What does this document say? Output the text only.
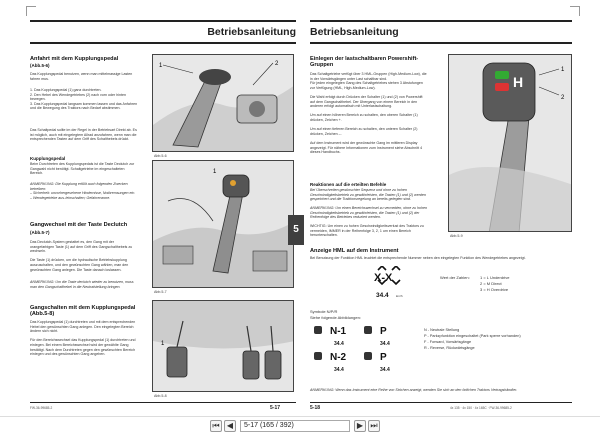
Betriebsanleitung
Anfahrt mit dem Kupplungspedal
(Abb.5-6)
Das Kupplungspedal benutzen, wenn man mittelmassige Lasten fahren mus.
1. Das Kupplungspedal (1) ganz durchtreten.
2. Den Hebel des Wendegetriebes (2) nach vorn oder hinten bewegen.
3. Das Kupplungspedal langsam kommen lassen und das Anfahren und die Bewegung des Traktors nach Bedarf abstimmen.
Das Schaltpedal sollte im der Regel in der Betriebsart Direkt ab. Es ist möglich, auch mit eingelegtem Allrad anzufahren, wenn man die entsprechenden Tasten auf dem Griff des Schalthebels drückt.
Kupplungspedal
Beim Durchtreten des Kupplungspedals ist die Taste Declutch zur Gangwahl nicht benötigt. Schaltgetriebe im eingeschalteten Bereich.
ANMERKUNG: Die Kupplung erfüllt auch folgenden Zwecken betreiben:
– Sicherheit: unvorhergesehene Hindernisse, Notbremsungen etc.
– Wendegetriebe aus-/einschalten; Gefahrenzone.
Gangwechsel mit der Taste Declutch
(Abb.5-7)
Das Declutch-System gestattet es, den Gang mit der orangefarbigen Taste (1) auf dem Griff des Gangschalthebels zu wechseln.

Die Taste (1) drücken, um die hydraulische Betriebskupplung auszuschalten, und den gewünschten Gang wählen, man den gewünschten Gang anlegen. Die Taste danach loslassen.
ANMERKUNG: Um die Taste declutch wieder zu benutzen, muss man den Gangschalthebel in die Neutralstellung bringen.
Gangschalten mit dem Kupplungspedal (Abb.5-8)
Das Kupplungspedal (1) durchtreten und mit dem entsprechenden Hebel den gewünschten Gang anlegen. Den eingelegten Bereich ändern sich nicht.

Für den Bereichswechsel das Kupplungspedal (1) durchtreten und einlegen. Bei einem Bereichswechsel wird der gewählte Gang bestätigt. Nach dem Durchtreten gegen den gewünschten Bereich einlegen und des gewünschten Gang angeben.
1	2
Abb.5-6
1
Abb.5-7
1
Abb.5-8
FW-36-99685-2	5-17
5
Betriebsanleitung
Einlegen der lastschaltbaren Powershift-Gruppen
Das Schaltgetriebe verfügt über 3 HML-Gruppen (High-Medium-Low), die in der Vorwärtsgängen unter Last schaltbar sind.
Für jeden eingelegten Gang des Schaltgetriebes stehen 3 Abstufungen zur Verfügung (HML, High-Medium-Low).

Die Wahl erfolgt durch Drücken der Schalter (1) und (2) von Powershift auf dem Gangschalthebel. Der Übergang von einem Bereich in den anderen erfolgt automatisch mit Unterlastschaltung.

Um auf einen höheren Bereich zu schalten, den oberen Schalter (1) drücken, Zeichen +.

Um auf einen tieferen Bereich zu schalten, den unteren Schalter (2) drücken, Zeichen –.

Auf dem Instrument wird der gewünschte Gang im mittleren Display angezeigt. Für nähere Informationen zum Instrument siehe Abschnitt 4 dieses Handbuchs.
Reaktionen auf die erteilten Befehle
Bei Überschreiten gewünschter Sequenz und ohne zu hohen Geschwindigkeitsbetrieb zu gewährleisten, die Tasten (1) und (2) werden gespeichert und die Traktionsregelung an bereits gelegten sind.
ANMERKUNG: Um einen Bereichswechsel zu vermeiden, ohne zu hohen Geschwindigkeitsbetrieb zu gewährleisten, die Tasten (1) und (2) der Reihenfolge des Betriebes reduziert werden.
WICHTIG: Um einen zu hohen Geschwindigkeitsverlust des Traktors zu vermeiden, IMMER in der Reihenfolge 3, 2, 1 um einen Bereich herunterschalten.
H
1
2
Abb.5-9
Anzeige HML auf dem Instrument
Bei Benutzung der Funktion HML leuchtet die entsprechende Nummer neben den eingelegten Funktion des Wendegetriebes angezeigt.
X-X
34.4 km/h
Wert der Zahlen:	1 = L Underdrive
2 = M Direct
3 = H Overdrive
Symbole N/P/R
Siehe folgende Abbildungen:
N-1
34.4
P
34.4
N-2
34.4
P
34.4
N - Neutrale Stellung
P - Parkzpfunktion eingeschaltet (Park sperre vorhanden)
F - Forward, Vorwärtsgänge
R - Reverse, Rückwärtsgänge
ANMERKUNG: Wenn das Instrument eine Reihe von Strichen anzeigt, wenden Sie sich an den örtlichen Traktors Vertragshändler.
5-18	4x 135 · 4x 150 · 4x 165C · FW-36-99685-2
⏮ ◀	5-17 (165 / 392)	▶ ⏭
